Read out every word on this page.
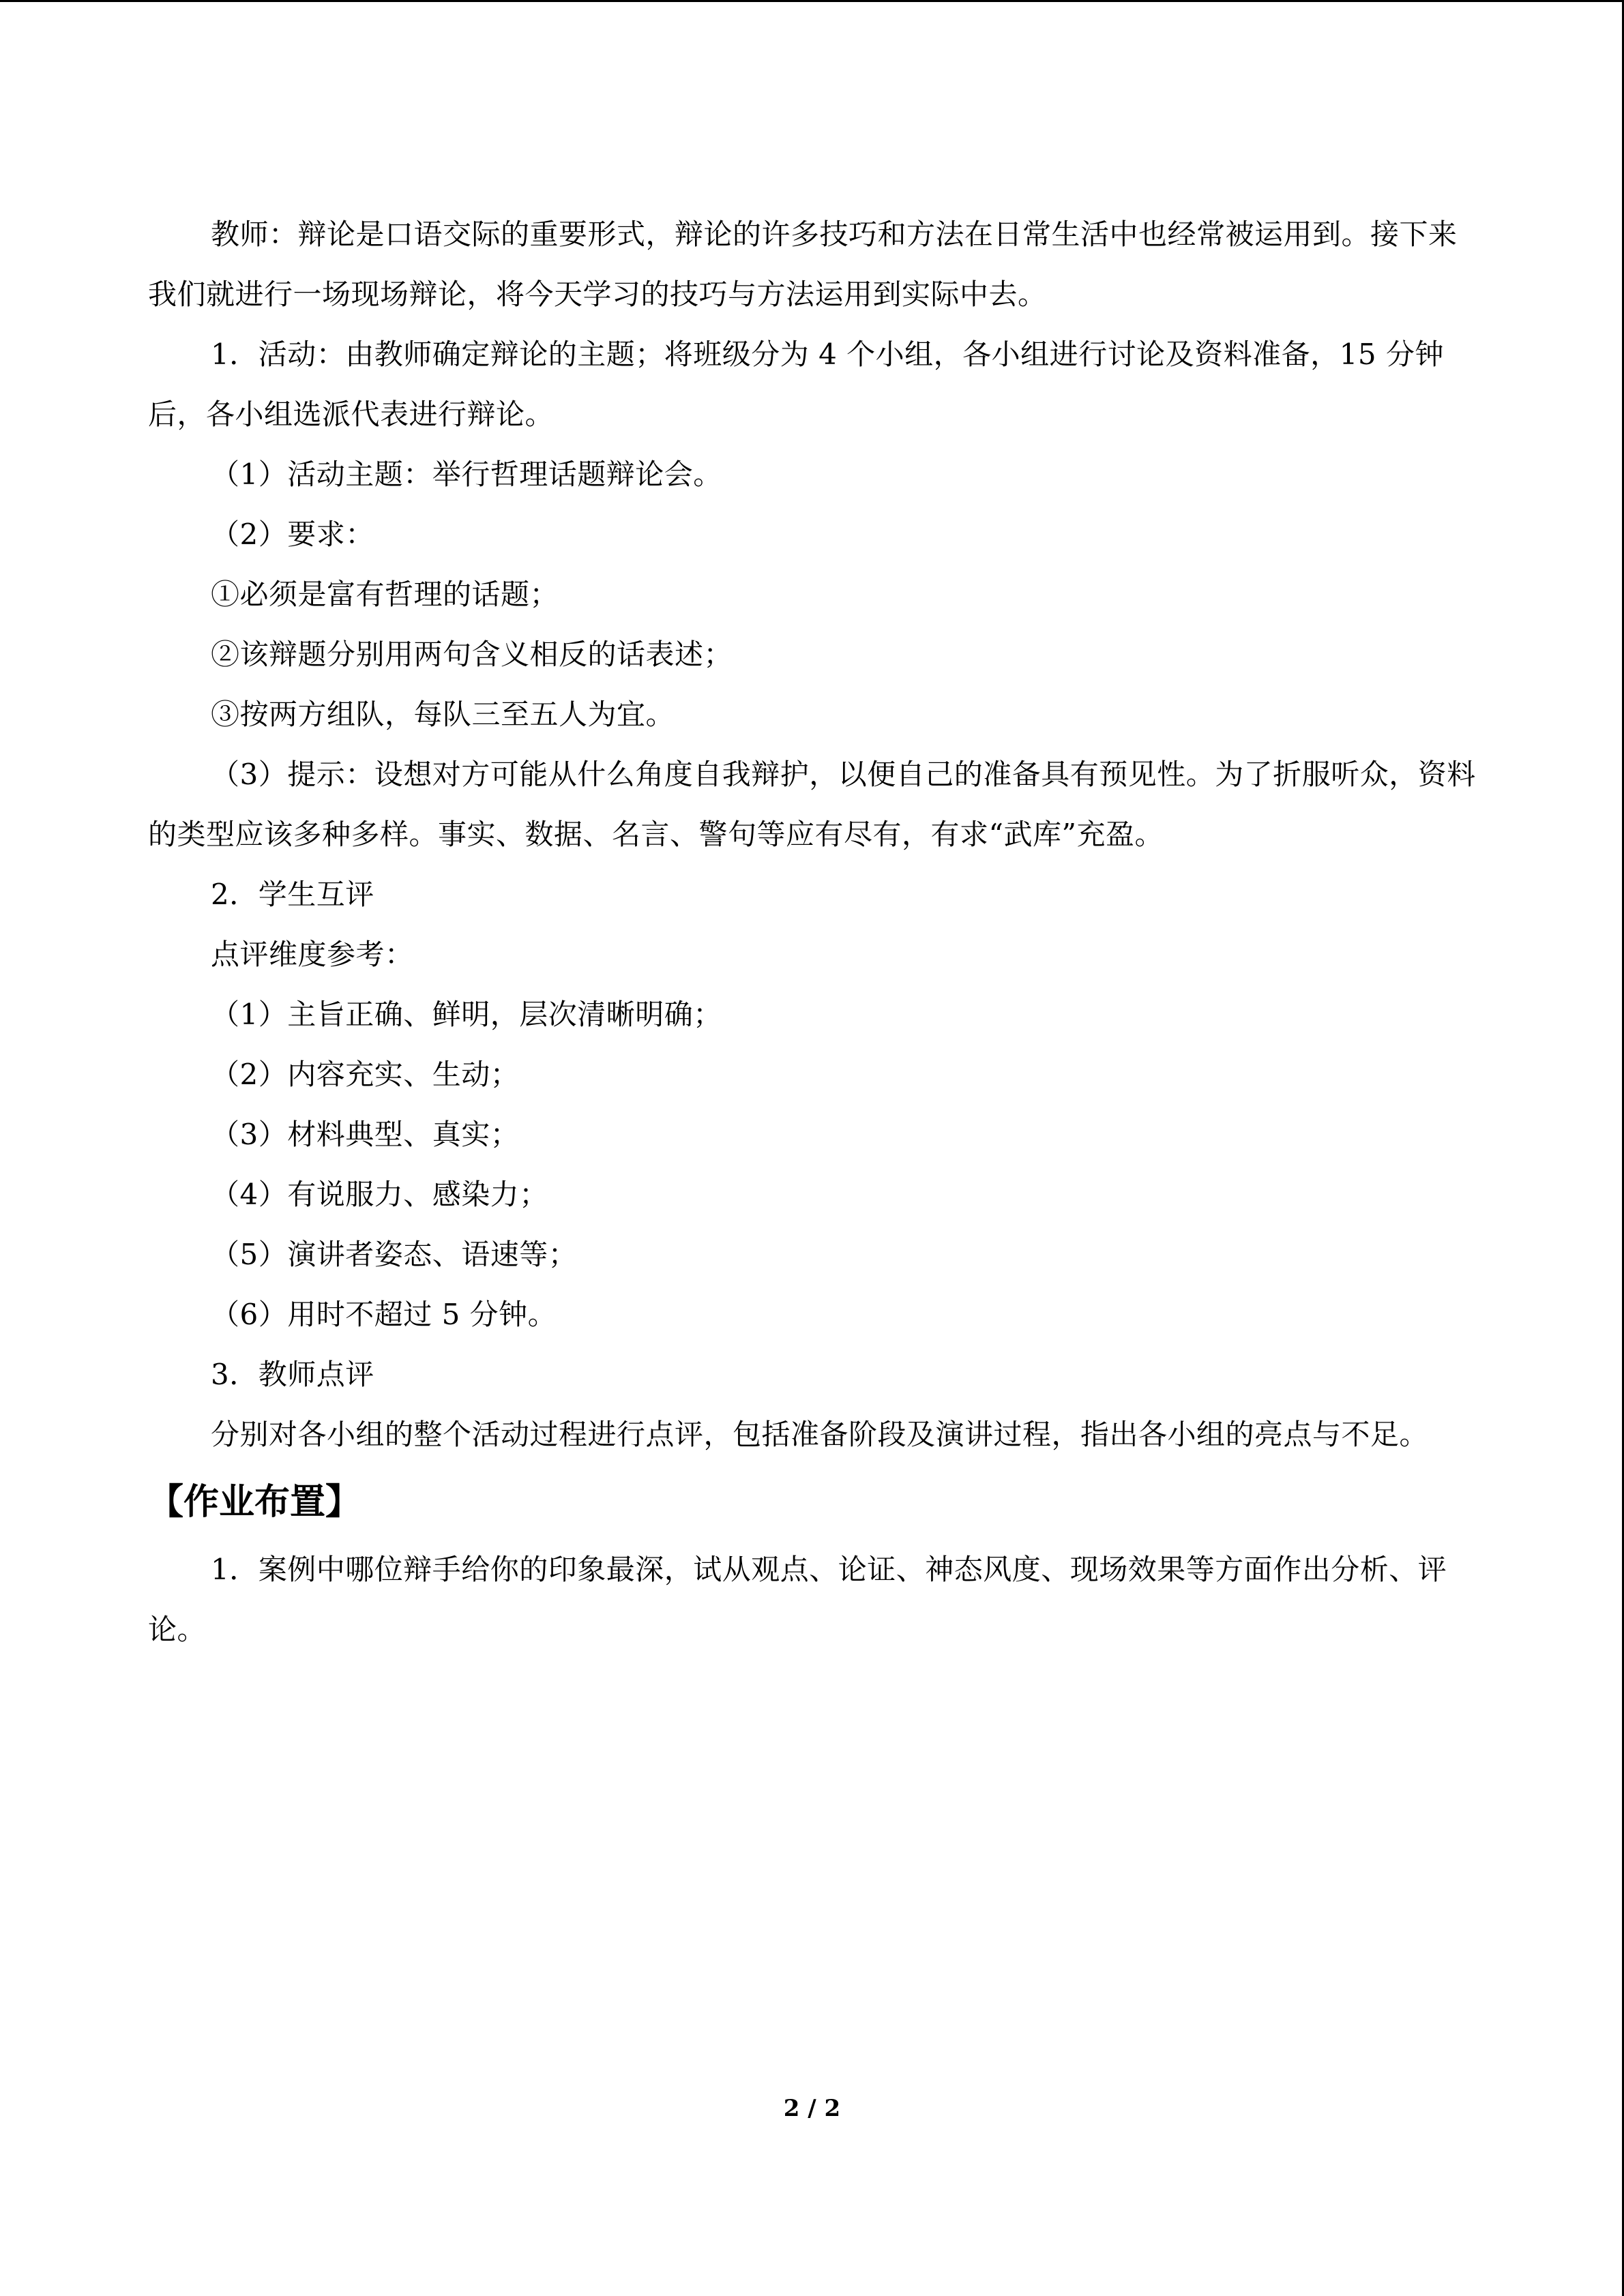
教师：辩论是口语交际的重要形式，辩论的许多技巧和方法在日常生活中也经常被运用到。接下来我们就进行一场现场辩论，将今天学习的技巧与方法运用到实际中去。

1．活动：由教师确定辩论的主题；将班级分为 4 个小组，各小组进行讨论及资料准备，15 分钟后，各小组选派代表进行辩论。

（1）活动主题：举行哲理话题辩论会。

（2）要求：

①必须是富有哲理的话题；

②该辩题分别用两句含义相反的话表述；

③按两方组队，每队三至五人为宜。

（3）提示：设想对方可能从什么角度自我辩护，以便自己的准备具有预见性。为了折服听众，资料的类型应该多种多样。事实、数据、名言、警句等应有尽有，有求“武库”充盈。

2．学生互评

点评维度参考：

（1）主旨正确、鲜明，层次清晰明确；

（2）内容充实、生动；

（3）材料典型、真实；

（4）有说服力、感染力；

（5）演讲者姿态、语速等；

（6）用时不超过 5 分钟。

3．教师点评

分别对各小组的整个活动过程进行点评，包括准备阶段及演讲过程，指出各小组的亮点与不足。

【作业布置】

1．案例中哪位辩手给你的印象最深，试从观点、论证、神态风度、现场效果等方面作出分析、评论。

2 / 2
